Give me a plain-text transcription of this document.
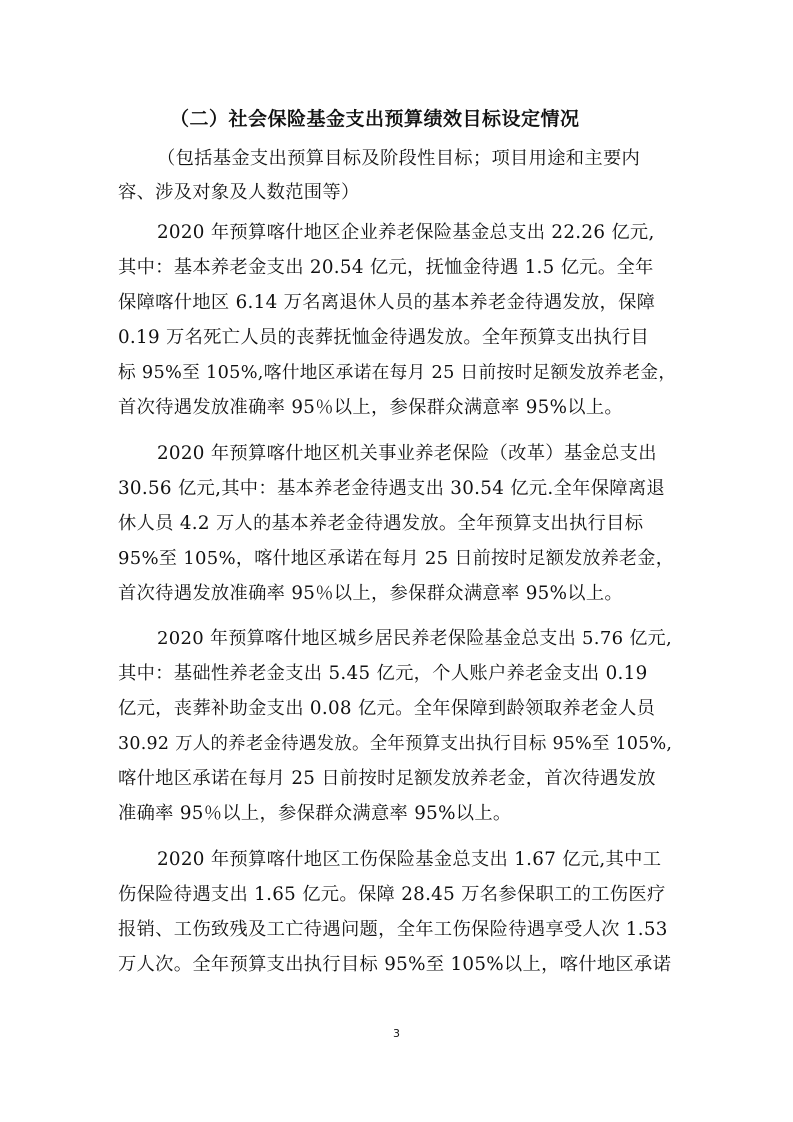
（二）社会保险基金支出预算绩效目标设定情况
（包括基金支出预算目标及阶段性目标；项目用途和主要内
容、涉及对象及人数范围等）
2020 年预算喀什地区企业养老保险基金总支出 22.26 亿元,
其中：基本养老金支出 20.54 亿元，抚恤金待遇 1.5 亿元。全年
保障喀什地区 6.14 万名离退休人员的基本养老金待遇发放，保障
0.19 万名死亡人员的丧葬抚恤金待遇发放。全年预算支出执行目
标 95%至 105%,喀什地区承诺在每月 25 日前按时足额发放养老金，
首次待遇发放准确率 95％以上，参保群众满意率 95%以上。
2020 年预算喀什地区机关事业养老保险（改革）基金总支出
30.56 亿元,其中：基本养老金待遇支出 30.54 亿元.全年保障离退
休人员 4.2 万人的基本养老金待遇发放。全年预算支出执行目标
95%至 105%，喀什地区承诺在每月 25 日前按时足额发放养老金，
首次待遇发放准确率 95％以上，参保群众满意率 95%以上。
2020 年预算喀什地区城乡居民养老保险基金总支出 5.76 亿元,
其中：基础性养老金支出 5.45 亿元，个人账户养老金支出 0.19
亿元，丧葬补助金支出 0.08 亿元。全年保障到龄领取养老金人员
30.92 万人的养老金待遇发放。全年预算支出执行目标 95%至 105%,
喀什地区承诺在每月 25 日前按时足额发放养老金，首次待遇发放
准确率 95％以上，参保群众满意率 95%以上。
2020 年预算喀什地区工伤保险基金总支出 1.67 亿元,其中工
伤保险待遇支出 1.65 亿元。保障 28.45 万名参保职工的工伤医疗
报销、工伤致残及工亡待遇问题，全年工伤保险待遇享受人次 1.53
万人次。全年预算支出执行目标 95%至 105%以上，喀什地区承诺
3
